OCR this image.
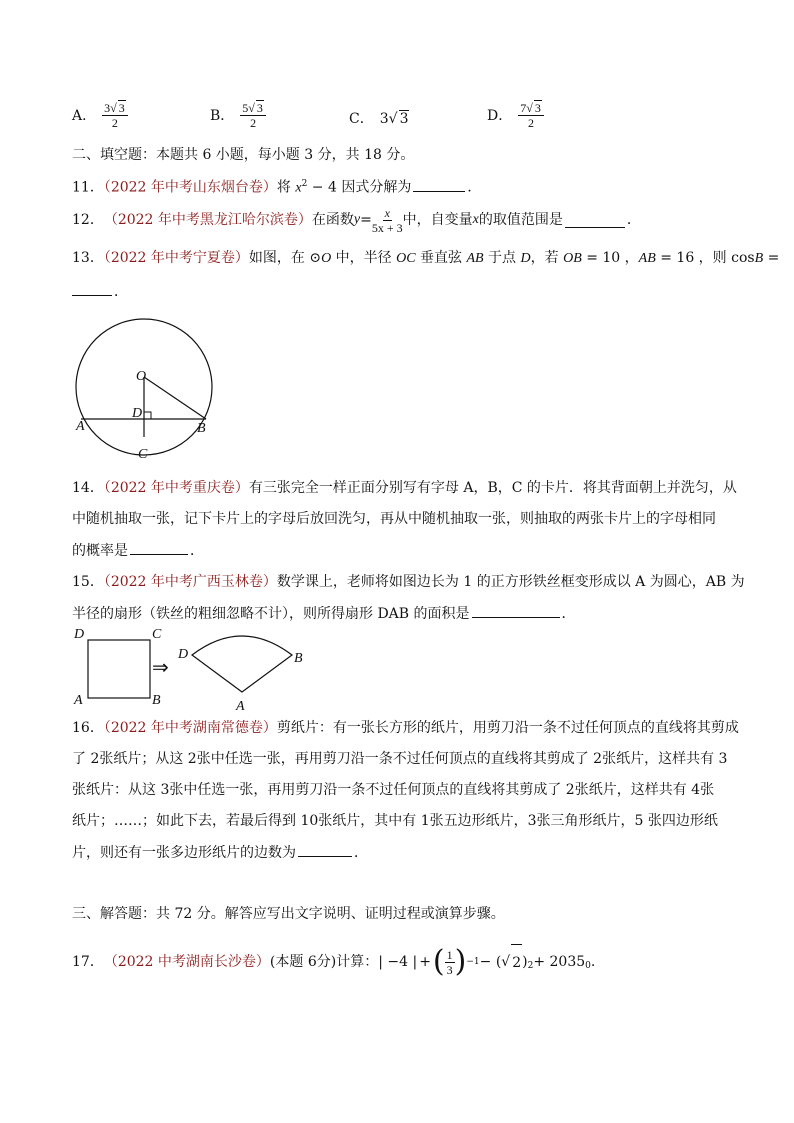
A． $\frac{3√ 3}{2}$	B． $\frac{5√ 3}{2}$	C． 3√ 3	D． $\frac{7√ 3}{2}$
二、填空题：本题共 6 小题，每小题 3 分，共 18 分。
11．（2022 年中考山东烟台卷）将 $x^2 - 4$ 因式分解为	．
12． （2022 年中考黑龙江哈尔滨卷） 在函数 $y = \frac{x}{5x + 3}$ 中，自变量 x 的取值范围是	．
13．（2022 年中考宁夏卷）如图，在 ⊙O 中，半径 OC 垂直弦 AB 于点 D，若 OB = 10 ，AB = 16 ，则 cosB =
．
O
D
A	B
C
14．（2022 年中考重庆卷）有三张完全一样正面分别写有字母 A，B，C 的卡片．将其背面朝上并洗匀，从
中随机抽取一张，记下卡片上的字母后放回洗匀，再从中随机抽取一张，则抽取的两张卡片上的字母相同
的概率是	．
15．（2022 年中考广西玉林卷）数学课上，老师将如图边长为 1 的正方形铁丝框变形成以 A 为圆心，AB 为
半径的扇形（铁丝的粗细忽略不计），则所得扇形 DAB 的面积是	．
D	C
A	B
⇒
D	B
A
16．（2022 年中考湖南常德卷）剪纸片：有一张长方形的纸片，用剪刀沿一条不过任何顶点的直线将其剪成
了 2张纸片；从这 2张中任选一张，再用剪刀沿一条不过任何顶点的直线将其剪成了 2张纸片，这样共有 3
张纸片：从这 3张中任选一张，再用剪刀沿一条不过任何顶点的直线将其剪成了 2张纸片，这样共有 4张
纸片；……；如此下去，若最后得到 10张纸片，其中有 1张五边形纸片，3张三角形纸片，5 张四边形纸
片，则还有一张多边形纸片的边数为	．
三、解答题：共 72 分。解答应写出文字说明、证明过程或演算步骤。
17． （2022 中考湖南长沙卷） (本题 6分)计算： | −4 | + ( $\frac{1}{3}$ ) −1 − ( √ 2 )$_2 + 2035_0$ .
